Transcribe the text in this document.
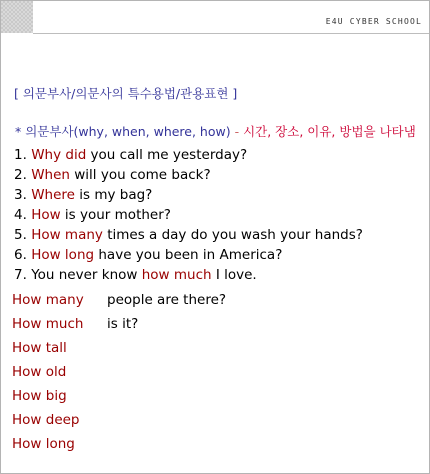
E4U CYBER SCHOOL
[ 의문부사/의문사의 특수용법/관용표현 ]
* 의문부사(why, when, where, how) - 시간, 장소, 이유, 방법을 나타냄
1. Why did you call me yesterday?
2. When will you come back?
3. Where is my bag?
4. How is your mother?
5. How many times a day do you wash your hands?
6. How long have you been in America?
7. You never know how much I love.
How many people are there?
How much is it?
How tall
How old
How big
How deep
How long
